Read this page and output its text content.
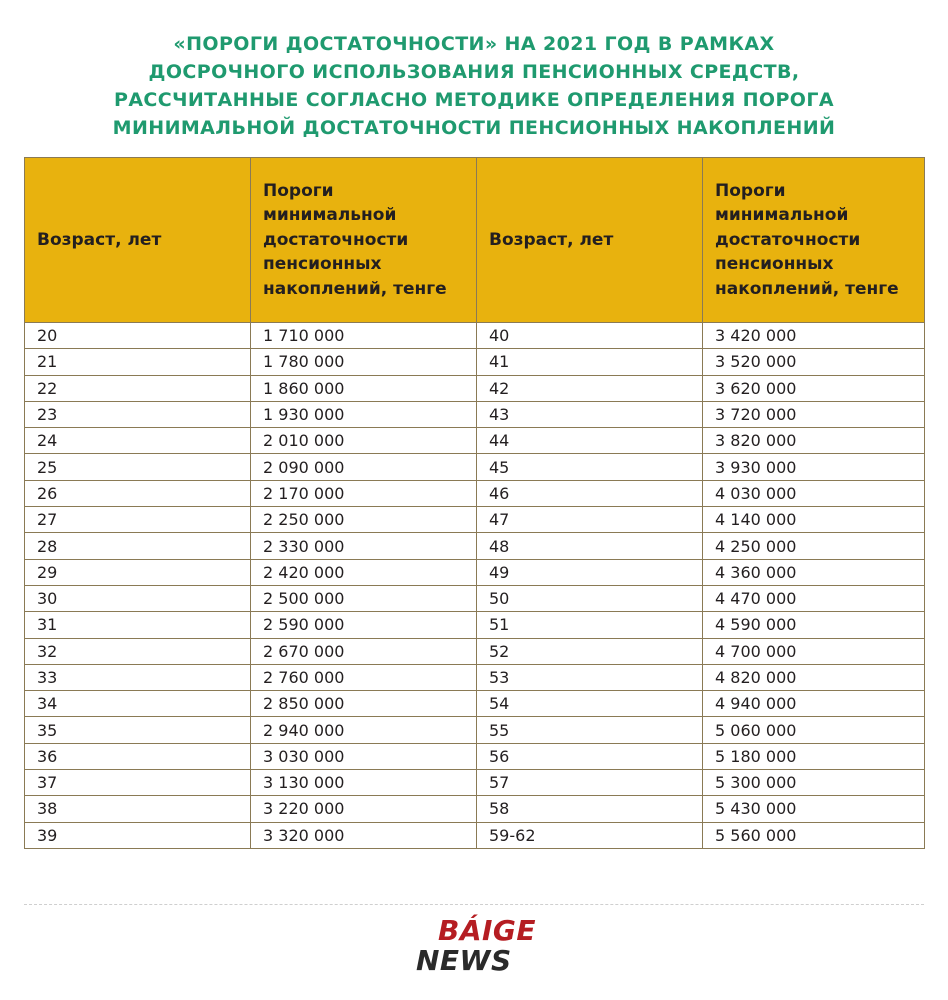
«ПОРОГИ ДОСТАТОЧНОСТИ» НА 2021 ГОД В РАМКАХ
ДОСРОЧНОГО ИСПОЛЬЗОВАНИЯ ПЕНСИОННЫХ СРЕДСТВ,
РАССЧИТАННЫЕ СОГЛАСНО МЕТОДИКЕ ОПРЕДЕЛЕНИЯ ПОРОГА
МИНИМАЛЬНОЙ ДОСТАТОЧНОСТИ ПЕНСИОННЫХ НАКОПЛЕНИЙ
Возраст, лет	Пороги
минимальной
достаточности
пенсионных
накоплений, тенге	Возраст, лет	Пороги
минимальной
достаточности
пенсионных
накоплений, тенге

20	1 710 000	40	3 420 000
21	1 780 000	41	3 520 000
22	1 860 000	42	3 620 000
23	1 930 000	43	3 720 000
24	2 010 000	44	3 820 000
25	2 090 000	45	3 930 000
26	2 170 000	46	4 030 000
27	2 250 000	47	4 140 000
28	2 330 000	48	4 250 000
29	2 420 000	49	4 360 000
30	2 500 000	50	4 470 000
31	2 590 000	51	4 590 000
32	2 670 000	52	4 700 000
33	2 760 000	53	4 820 000
34	2 850 000	54	4 940 000
35	2 940 000	55	5 060 000
36	3 030 000	56	5 180 000
37	3 130 000	57	5 300 000
38	3 220 000	58	5 430 000
39	3 320 000	59-62	5 560 000
BÁIGE
NEWS
